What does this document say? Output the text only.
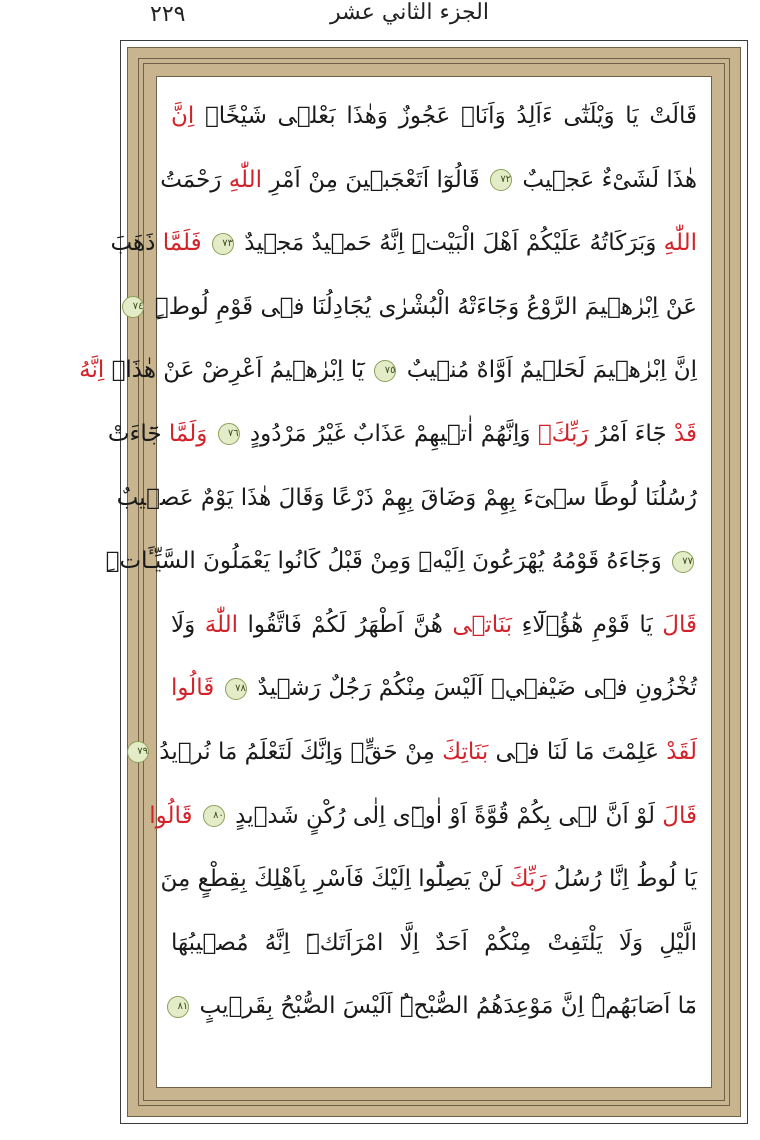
٢٢٩	الجزء الثاني عشر
قَالَتْ يَا وَيْلَتٰٓى ءَاَلِدُ وَاَنَا۬ عَجُوزٌ وَهٰذَا بَعْلٖى شَيْخًاۜ اِنَّ
هٰذَا لَشَیْءٌ عَجٖيبٌ ٧٢ قَالُوٓا اَتَعْجَبٖينَ مِنْ اَمْرِ اللّٰهِ رَحْمَتُ
اللّٰهِ وَبَرَكَاتُهُ عَلَيْكُمْ اَهْلَ الْبَيْتِۜ اِنَّهُ حَمٖيدٌ مَجٖيدٌ ٧٣ فَلَمَّا ذَهَبَ
عَنْ اِبْرٰهٖيمَ الرَّوْعُ وَجَٓاءَتْهُ الْبُشْرٰى يُجَادِلُنَا فٖى قَوْمِ لُوطٍۜ ٧٤
اِنَّ اِبْرٰهٖيمَ لَحَلٖيمٌ اَوَّاهٌ مُنٖيبٌ ٧٥ يَٓا اِبْرٰهٖيمُ اَعْرِضْ عَنْ هٰذَاۚ اِنَّهُ
قَدْ جَٓاءَ اَمْرُ رَبِّكَۚ وَاِنَّهُمْ اٰتٖيهِمْ عَذَابٌ غَيْرُ مَرْدُودٍ ٧٦ وَلَمَّا جَٓاءَتْ
رُسُلُنَا لُوطًا سٖیٓءَ بِهِمْ وَضَاقَ بِهِمْ ذَرْعًا وَقَالَ هٰذَا يَوْمٌ عَصٖيبٌ
٧٧ وَجَٓاءَهُ قَوْمُهُ يُهْرَعُونَ اِلَيْهِۜ وَمِنْ قَبْلُ كَانُوا يَعْمَلُونَ السَّيِّـَٔاتِۜ
قَالَ يَا قَوْمِ هٰٓؤُ۬لَٓاءِ بَنَاتٖى هُنَّ اَطْهَرُ لَكُمْ فَاتَّقُوا اللّٰهَ وَلَا
تُخْزُونِ فٖى ضَيْفٖيۜ اَلَيْسَ مِنْكُمْ رَجُلٌ رَشٖيدٌ ٧٨ قَالُوا
لَقَدْ عَلِمْتَ مَا لَنَا فٖى بَنَاتِكَ مِنْ حَقٍّۚ وَاِنَّكَ لَتَعْلَمُ مَا نُرٖيدُ ٧٩
قَالَ لَوْ اَنَّ لٖى بِكُمْ قُوَّةً اَوْ اٰوٖٓى اِلٰى رُكْنٍ شَدٖيدٍ ٨٠ قَالُوا
يَا لُوطُ اِنَّا رُسُلُ رَبِّكَ لَنْ يَصِلُٓوا اِلَيْكَ فَاَسْرِ بِاَهْلِكَ بِقِطْعٍ مِنَ
الَّيْلِ وَلَا يَلْتَفِتْ مِنْكُمْ اَحَدٌ اِلَّا امْرَاَتَكَۜ اِنَّهُ مُصٖيبُهَا
مَٓا اَصَابَهُمْۜ اِنَّ مَوْعِدَهُمُ الصُّبْحُۜ اَلَيْسَ الصُّبْحُ بِقَرٖيبٍ ٨١
